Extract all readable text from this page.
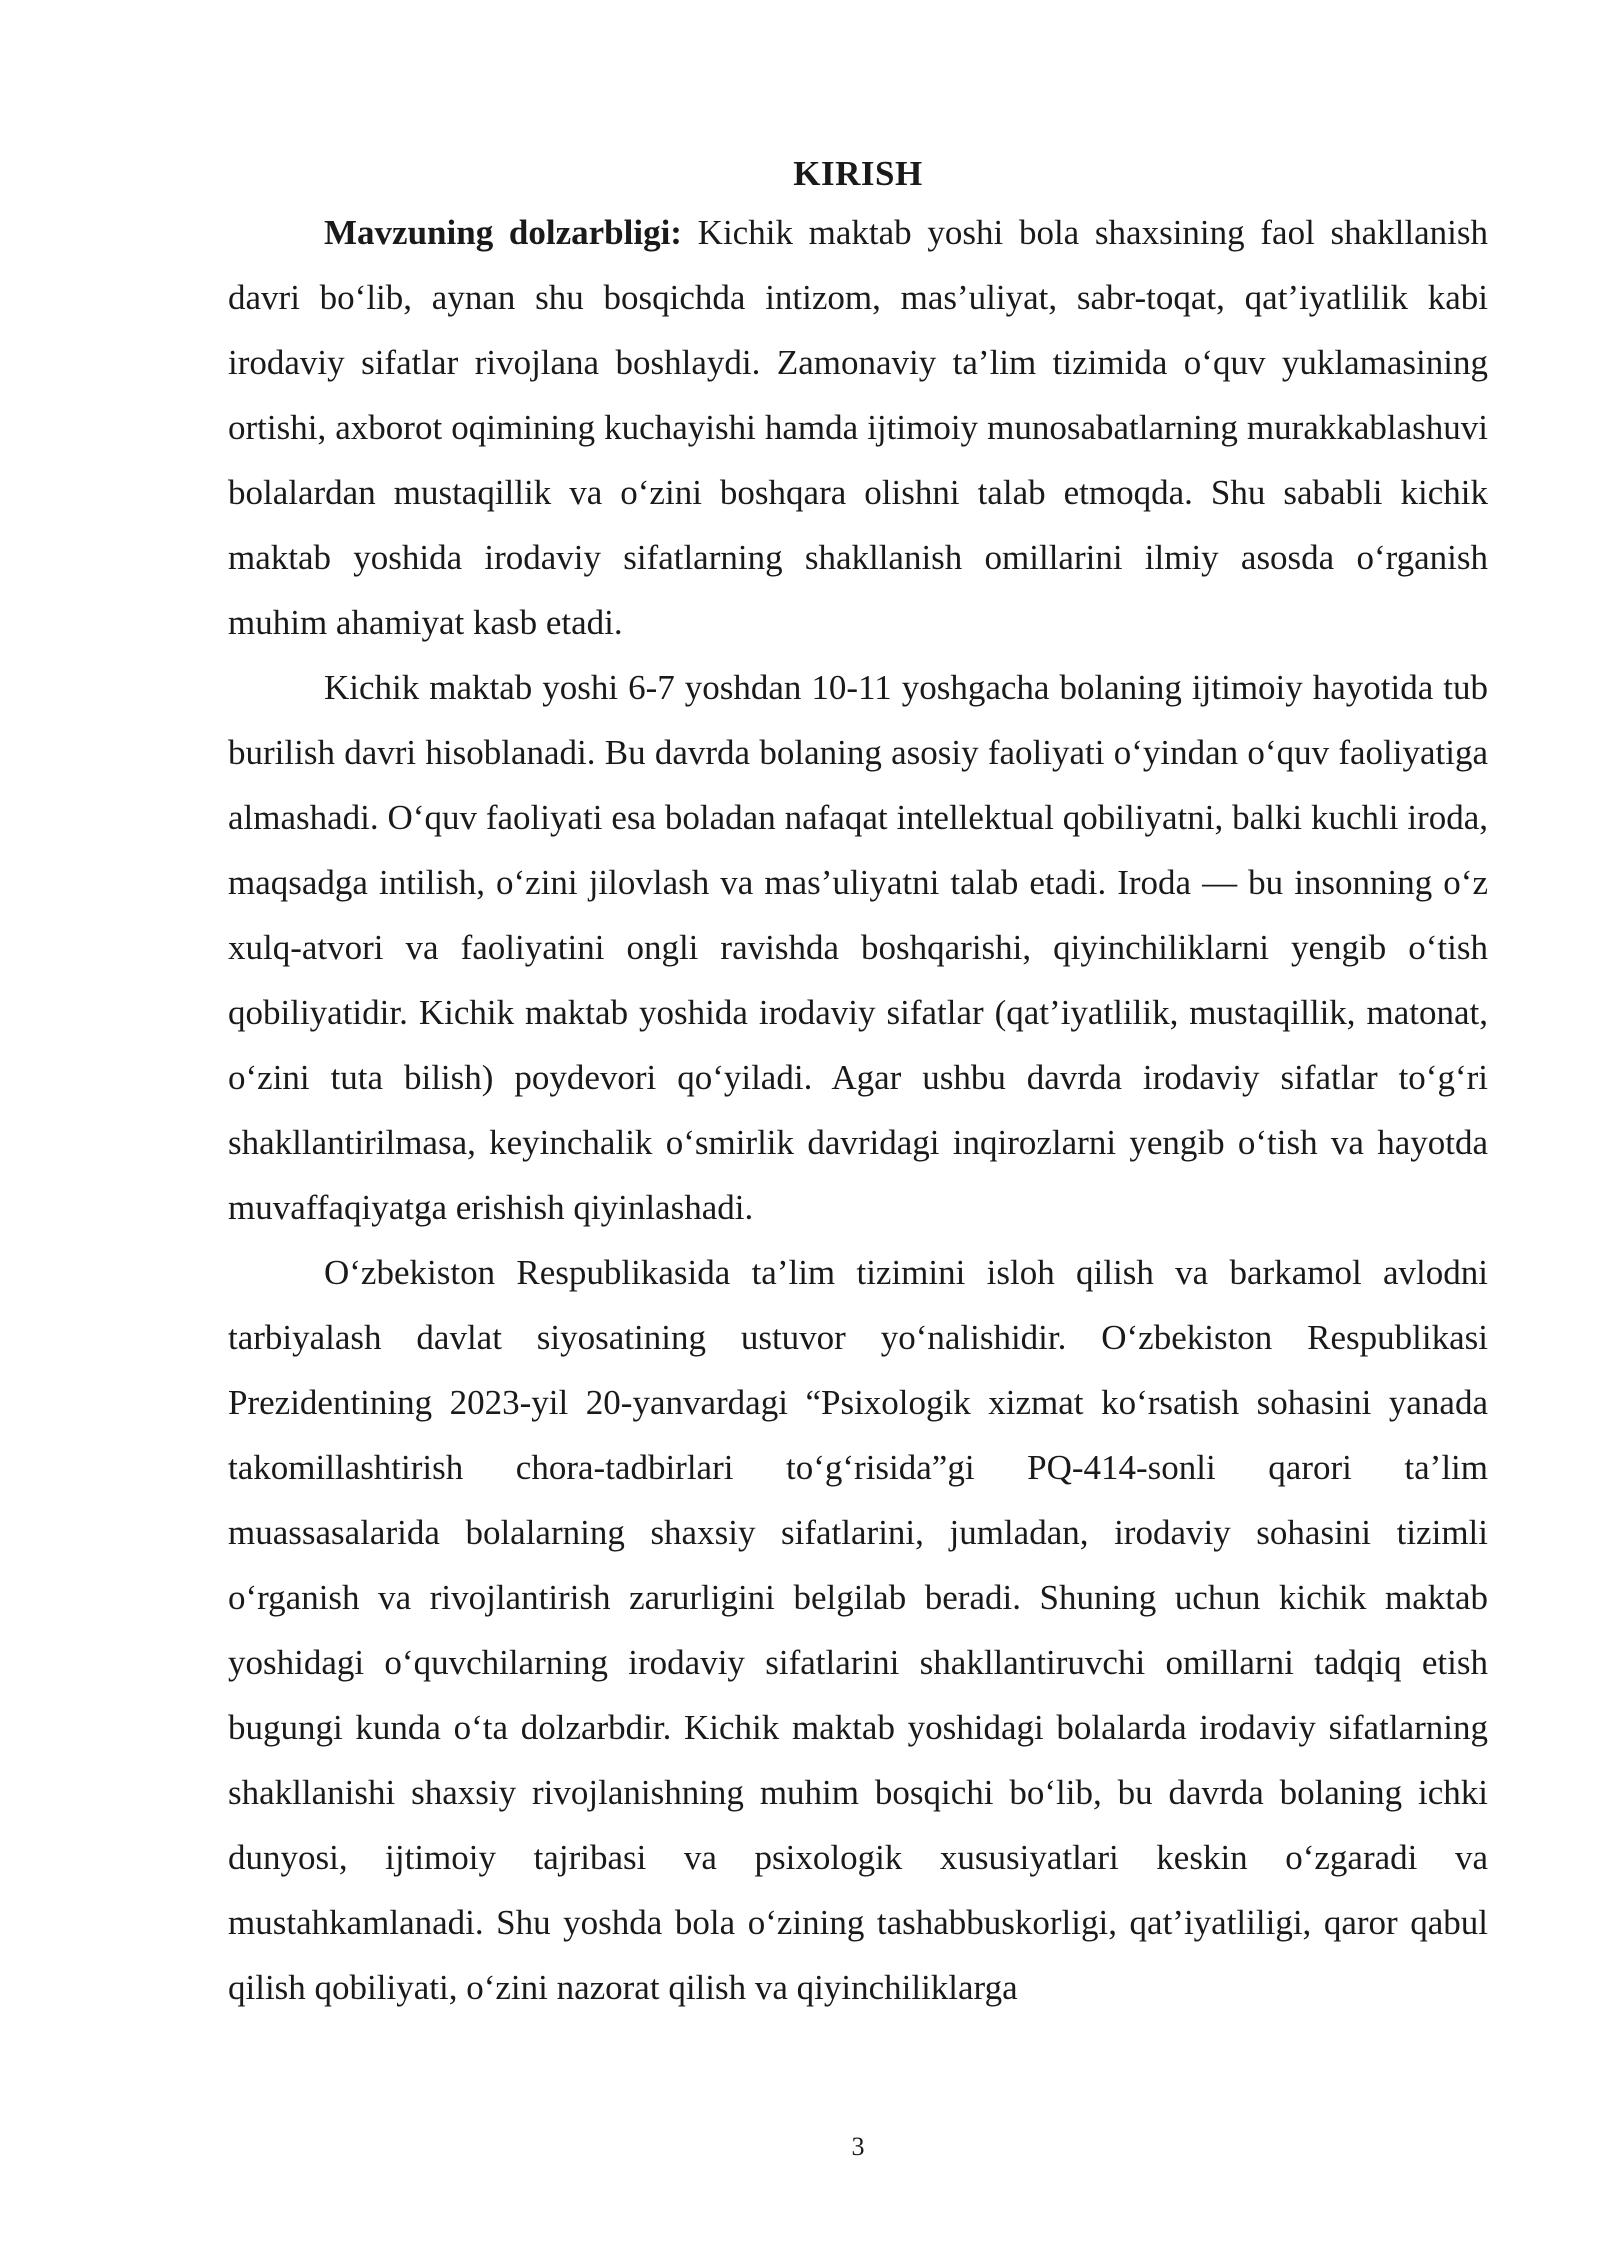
KIRISH

Mavzuning dolzarbligi: Kichik maktab yoshi bola shaxsining faol shakllanish davri bo‘lib, aynan shu bosqichda intizom, mas’uliyat, sabr-toqat, qat’iyatlilik kabi irodaviy sifatlar rivojlana boshlaydi. Zamonaviy ta’lim tizimida o‘quv yuklamasining ortishi, axborot oqimining kuchayishi hamda ijtimoiy munosabatlarning murakkablashuvi bolalardan mustaqillik va o‘zini boshqara olishni talab etmoqda. Shu sababli kichik maktab yoshida irodaviy sifatlarning shakllanish omillarini ilmiy asosda o‘rganish muhim ahamiyat kasb etadi.

Kichik maktab yoshi 6-7 yoshdan 10-11 yoshgacha bolaning ijtimoiy hayotida tub burilish davri hisoblanadi. Bu davrda bolaning asosiy faoliyati o‘yindan o‘quv faoliyatiga almashadi. O‘quv faoliyati esa boladan nafaqat intellektual qobiliyatni, balki kuchli iroda, maqsadga intilish, o‘zini jilovlash va mas’uliyatni talab etadi. Iroda — bu insonning o‘z xulq-atvori va faoliyatini ongli ravishda boshqarishi, qiyinchiliklarni yengib o‘tish qobiliyatidir. Kichik maktab yoshida irodaviy sifatlar (qat’iyatlilik, mustaqillik, matonat, o‘zini tuta bilish) poydevori qo‘yiladi. Agar ushbu davrda irodaviy sifatlar to‘g‘ri shakllantirilmasa, keyinchalik o‘smirlik davridagi inqirozlarni yengib o‘tish va hayotda muvaffaqiyatga erishish qiyinlashadi.

O‘zbekiston Respublikasida ta’lim tizimini isloh qilish va barkamol avlodni tarbiyalash davlat siyosatining ustuvor yo‘nalishidir. O‘zbekiston Respublikasi Prezidentining 2023-yil 20-yanvardagi “Psixologik xizmat ko‘rsatish sohasini yanada takomillashtirish chora-tadbirlari to‘g‘risida”gi PQ-414-sonli qarori ta’lim muassasalarida bolalarning shaxsiy sifatlarini, jumladan, irodaviy sohasini tizimli o‘rganish va rivojlantirish zarurligini belgilab beradi. Shuning uchun kichik maktab yoshidagi o‘quvchilarning irodaviy sifatlarini shakllantiruvchi omillarni tadqiq etish bugungi kunda o‘ta dolzarbdir. Kichik maktab yoshidagi bolalarda irodaviy sifatlarning shakllanishi shaxsiy rivojlanishning muhim bosqichi bo‘lib, bu davrda bolaning ichki dunyosi, ijtimoiy tajribasi va psixologik xususiyatlari keskin o‘zgaradi va mustahkamlanadi. Shu yoshda bola o‘zining tashabbuskorligi, qat’iyatliligi, qaror qabul qilish qobiliyati, o‘zini nazorat qilish va qiyinchiliklarga

3
